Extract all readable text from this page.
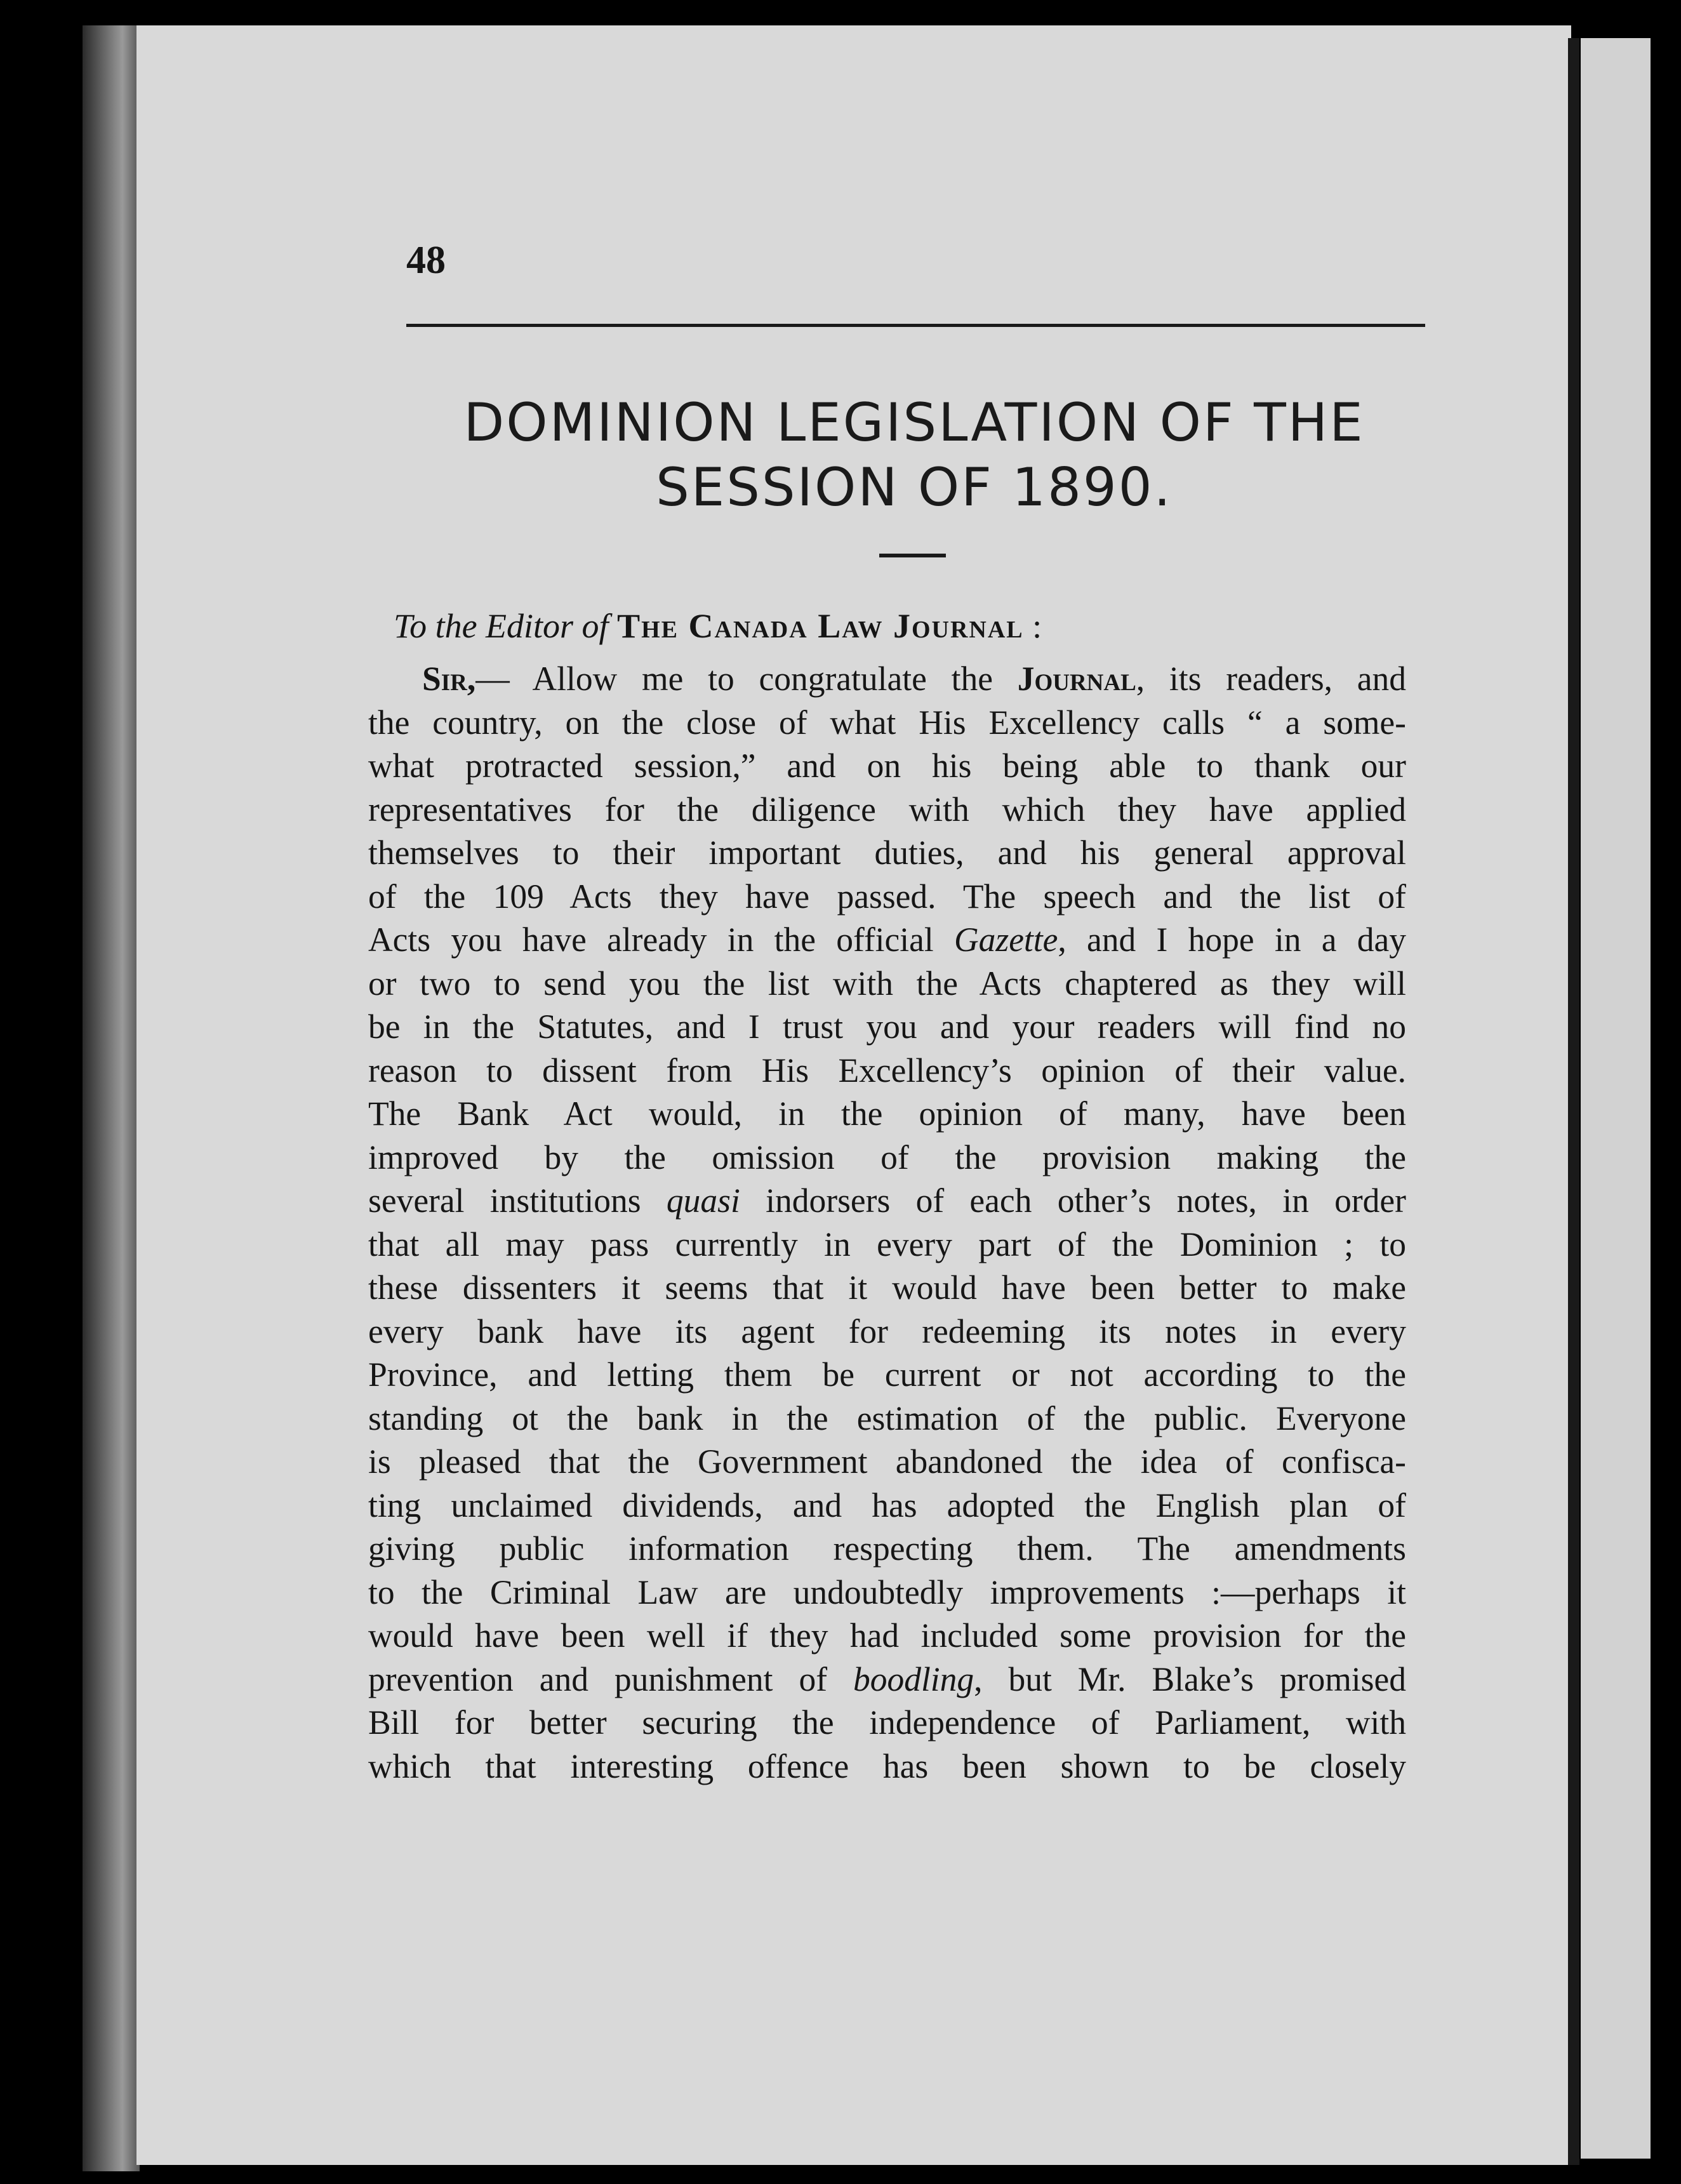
48
DOMINION LEGISLATION OF THE
SESSION OF 1890.
To the Editor of The Canada Law Journal :
Sir,— Allow me to congratulate the Journal, its readers, and
the country, on the close of what His Excellency calls “ a some-
what protracted session,” and on his being able to thank our
representatives for the diligence with which they have applied
themselves to their important duties, and his general approval
of the 109 Acts they have passed. The speech and the list of
Acts you have already in the official Gazette, and I hope in a day
or two to send you the list with the Acts chaptered as they will
be in the Statutes, and I trust you and your readers will find no
reason to dissent from His Excellency’s opinion of their value.
The Bank Act would, in the opinion of many, have been
improved by the omission of the provision making the
several institutions quasi indorsers of each other’s notes, in order
that all may pass currently in every part of the Dominion ; to
these dissenters it seems that it would have been better to make
every bank have its agent for redeeming its notes in every
Province, and letting them be current or not according to the
standing ot the bank in the estimation of the public. Everyone
is pleased that the Government abandoned the idea of confisca-
ting unclaimed dividends, and has adopted the English plan of
giving public information respecting them. The amendments
to the Criminal Law are undoubtedly improvements :—perhaps it
would have been well if they had included some provision for the
prevention and punishment of boodling, but Mr. Blake’s promised
Bill for better securing the independence of Parliament, with
which that interesting offence has been shown to be closely
